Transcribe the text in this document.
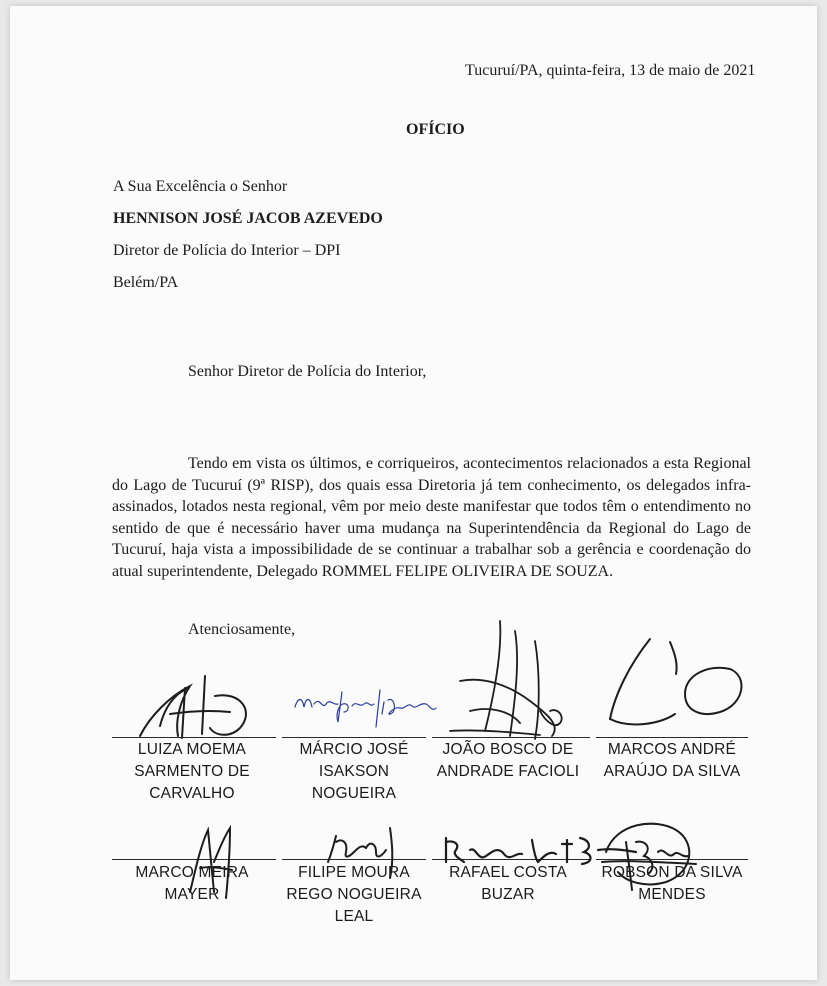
Tucuruí/PA, quinta-feira, 13 de maio de 2021
OFÍCIO
A Sua Excelência o Senhor
HENNISON JOSÉ JACOB AZEVEDO
Diretor de Polícia do Interior – DPI
Belém/PA
Senhor Diretor de Polícia do Interior,
Tendo em vista os últimos, e corriqueiros, acontecimentos relacionados a esta Regional do Lago de Tucuruí (9ª RISP), dos quais essa Diretoria já tem conhecimento, os delegados infra-assinados, lotados nesta regional, vêm por meio deste manifestar que todos têm o entendimento no sentido de que é necessário haver uma mudança na Superintendência da Regional do Lago de Tucuruí, haja vista a impossibilidade de se continuar a trabalhar sob a gerência e coordenação do atual superintendente, Delegado ROMMEL FELIPE OLIVEIRA DE SOUZA.
Atenciosamente,
LUIZA MOEMA
SARMENTO DE
CARVALHO
MÁRCIO JOSÉ
ISAKSON
NOGUEIRA
JOÃO BOSCO DE
ANDRADE FACIOLI
MARCOS ANDRÉ
ARAÚJO DA SILVA
MARCO MEIRA
MAYER
FILIPE MOURA
REGO NOGUEIRA
LEAL
RAFAEL COSTA
BUZAR
ROBSON DA SILVA
MENDES
